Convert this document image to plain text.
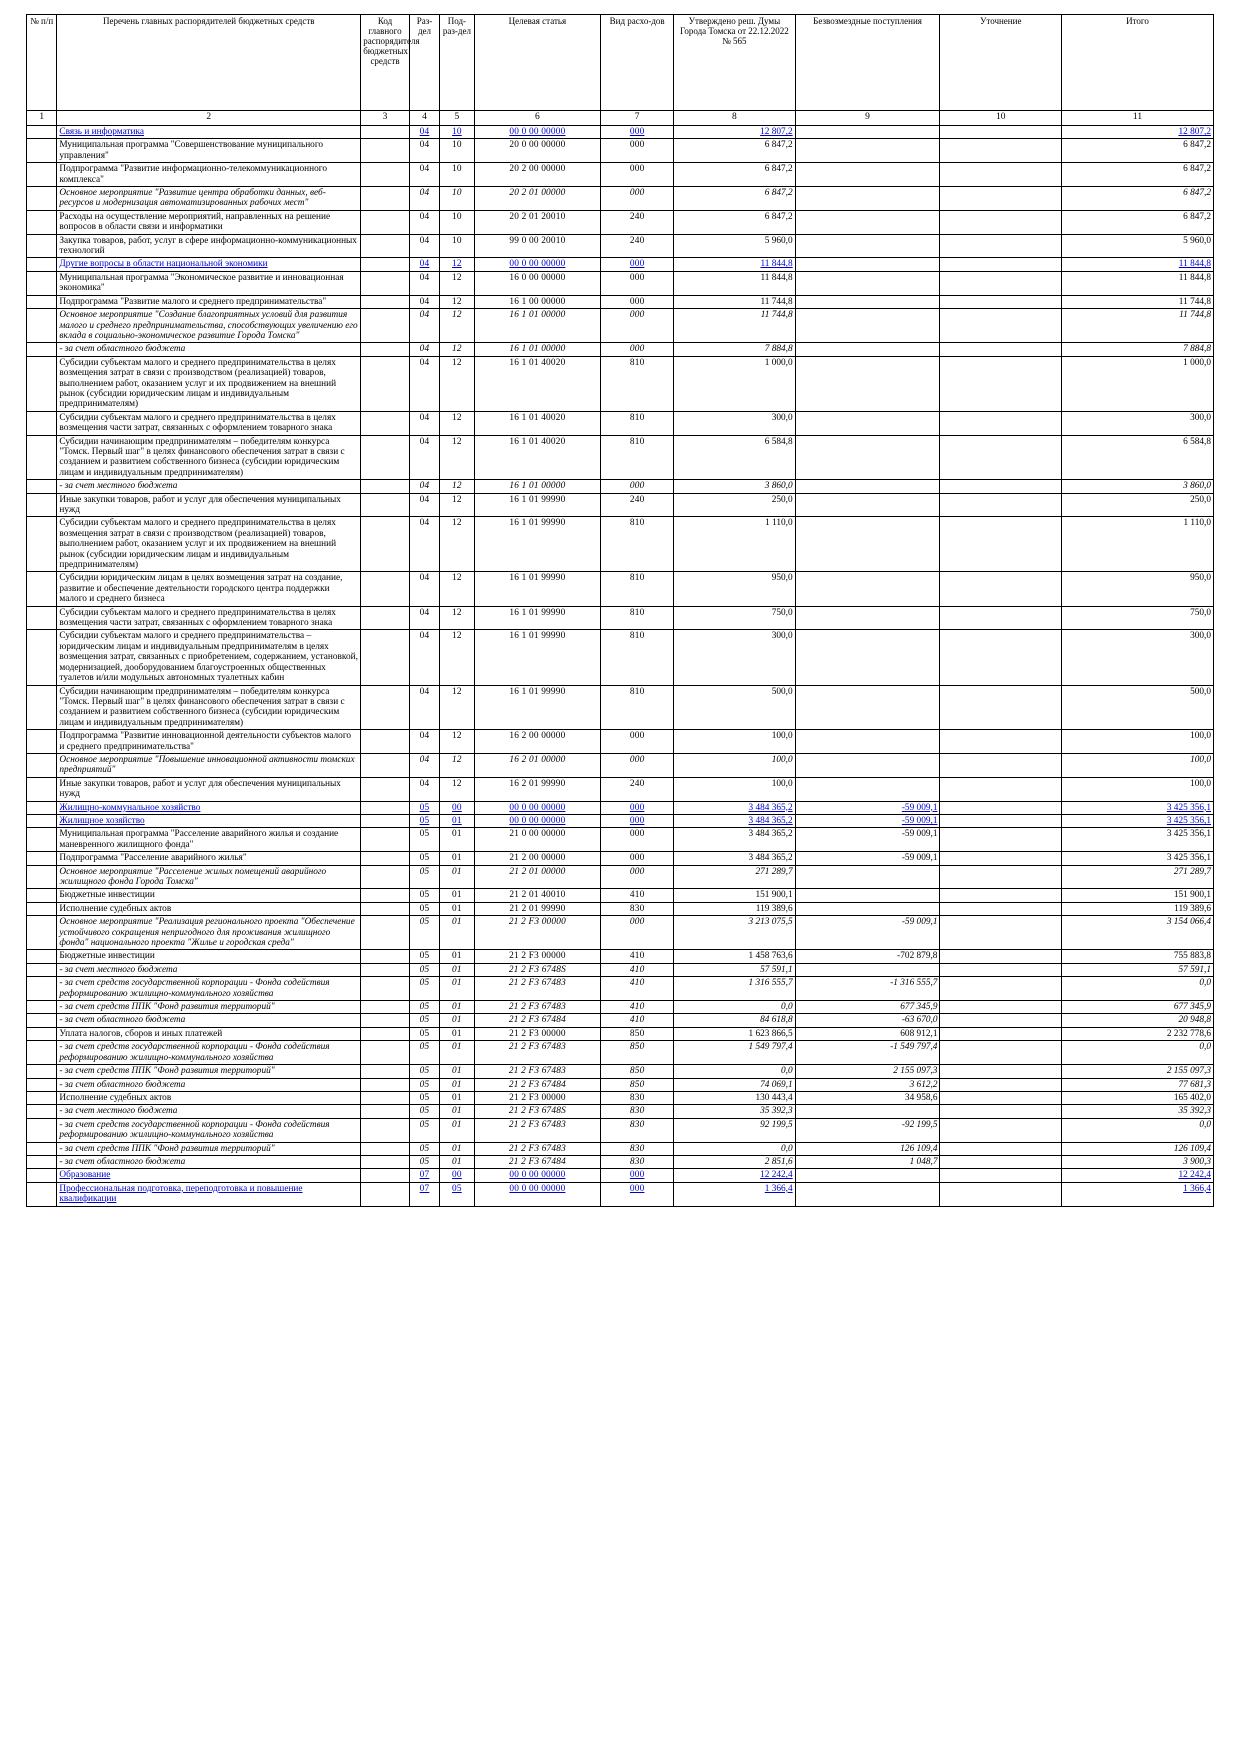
№ п/п	Перечень главных распорядителей бюджетных средств	Код главного распорядителя бюджетных средств	Раз-дел	Под-раз-дел	Целевая статья	Вид расхо-дов	Утверждено реш. Думы Города Томска от 22.12.2022 № 565	Безвозмездные поступления	Уточнение	Итого
1	2	3	4	5	6	7	8	9	10	11
	Связь и информатика		04	10	00 0 00 00000	000	12 807,2			12 807,2
	Муниципальная программа "Совершенствование муниципального управления"		04	10	20 0 00 00000	000	6 847,2			6 847,2
	Подпрограмма "Развитие информационно-телекоммуникационного комплекса"		04	10	20 2 00 00000	000	6 847,2			6 847,2
	Основное мероприятие "Развитие центра обработки данных, веб-ресурсов и модернизация автоматизированных рабочих мест"		04	10	20 2 01 00000	000	6 847,2			6 847,2
	Расходы на осуществление мероприятий, направленных на решение вопросов в области связи и информатики		04	10	20 2 01 20010	240	6 847,2			6 847,2
	Закупка товаров, работ, услуг в сфере информационно-коммуникационных технологий		04	10	99 0 00 20010	240	5 960,0			5 960,0
	Другие вопросы в области национальной экономики		04	12	00 0 00 00000	000	11 844,8			11 844,8
	Муниципальная программа "Экономическое развитие и инновационная экономика"		04	12	16 0 00 00000	000	11 844,8			11 844,8
	Подпрограмма "Развитие малого и среднего предпринимательства"		04	12	16 1 00 00000	000	11 744,8			11 744,8
	Основное мероприятие "Создание благоприятных условий для развития малого и среднего предпринимательства, способствующих увеличению его вклада в социально-экономическое развитие Города Томска"		04	12	16 1 01 00000	000	11 744,8			11 744,8
	- за счет областного бюджета		04	12	16 1 01 00000	000	7 884,8			7 884,8
	Субсидии субъектам малого и среднего предпринимательства в целях возмещения затрат в связи с производством (реализацией) товаров, выполнением работ, оказанием услуг и их продвижением на внешний рынок (субсидии юридическим лицам и индивидуальным предпринимателям)		04	12	16 1 01 40020	810	1 000,0			1 000,0
	Субсидии субъектам малого и среднего предпринимательства в целях возмещения части затрат, связанных с оформлением товарного знака		04	12	16 1 01 40020	810	300,0			300,0
	Субсидии начинающим предпринимателям – победителям конкурса "Томск. Первый шаг" в целях финансового обеспечения затрат в связи с созданием и развитием собственного бизнеса (субсидии юридическим лицам и индивидуальным предпринимателям)		04	12	16 1 01 40020	810	6 584,8			6 584,8
	- за счет местного бюджета		04	12	16 1 01 00000	000	3 860,0			3 860,0
	Иные закупки товаров, работ и услуг для обеспечения муниципальных нужд		04	12	16 1 01 99990	240	250,0			250,0
	Субсидии субъектам малого и среднего предпринимательства в целях возмещения затрат в связи с производством (реализацией) товаров, выполнением работ, оказанием услуг и их продвижением на внешний рынок (субсидии юридическим лицам и индивидуальным предпринимателям)		04	12	16 1 01 99990	810	1 110,0			1 110,0
	Субсидии юридическим лицам в целях возмещения затрат на создание, развитие и обеспечение деятельности городского центра поддержки малого и среднего бизнеса		04	12	16 1 01 99990	810	950,0			950,0
	Субсидии субъектам малого и среднего предпринимательства в целях возмещения части затрат, связанных с оформлением товарного знака		04	12	16 1 01 99990	810	750,0			750,0
	Субсидии субъектам малого и среднего предпринимательства – юридическим лицам и индивидуальным предпринимателям в целях возмещения затрат, связанных с приобретением, содержанием, установкой, модернизацией, дооборудованием благоустроенных общественных туалетов и/или модульных автономных туалетных кабин		04	12	16 1 01 99990	810	300,0			300,0
	Субсидии начинающим предпринимателям – победителям конкурса "Томск. Первый шаг" в целях финансового обеспечения затрат в связи с созданием и развитием собственного бизнеса (субсидии юридическим лицам и индивидуальным предпринимателям)		04	12	16 1 01 99990	810	500,0			500,0
	Подпрограмма "Развитие инновационной деятельности субъектов малого и среднего предпринимательства"		04	12	16 2 00 00000	000	100,0			100,0
	Основное мероприятие "Повышение инновационной активности томских предприятий"		04	12	16 2 01 00000	000	100,0			100,0
	Иные закупки товаров, работ и услуг для обеспечения муниципальных нужд		04	12	16 2 01 99990	240	100,0			100,0
	Жилищно-коммунальное хозяйство		05	00	00 0 00 00000	000	3 484 365,2	-59 009,1		3 425 356,1
	Жилищное хозяйство		05	01	00 0 00 00000	000	3 484 365,2	-59 009,1		3 425 356,1
	Муниципальная программа "Расселение аварийного жилья и создание маневренного жилищного фонда"		05	01	21 0 00 00000	000	3 484 365,2	-59 009,1		3 425 356,1
	Подпрограмма "Расселение аварийного жилья"		05	01	21 2 00 00000	000	3 484 365,2	-59 009,1		3 425 356,1
	Основное мероприятие "Расселение жилых помещений аварийного жилищного фонда Города Томска"		05	01	21 2 01 00000	000	271 289,7			271 289,7
	Бюджетные инвестиции		05	01	21 2 01 40010	410	151 900,1			151 900,1
	Исполнение судебных актов		05	01	21 2 01 99990	830	119 389,6			119 389,6
	Основное мероприятие "Реализация регионального проекта "Обеспечение устойчивого сокращения непригодного для проживания жилищного фонда" национального проекта "Жилье и городская среда"		05	01	21 2 F3 00000	000	3 213 075,5	-59 009,1		3 154 066,4
	Бюджетные инвестиции		05	01	21 2 F3 00000	410	1 458 763,6	-702 879,8		755 883,8
	- за счет местного бюджета		05	01	21 2 F3 6748S	410	57 591,1			57 591,1
	- за счет средств государственной корпорации - Фонда содействия реформированию жилищно-коммунального хозяйства		05	01	21 2 F3 67483	410	1 316 555,7	-1 316 555,7		0,0
	- за счет средств ППК "Фонд развития территорий"		05	01	21 2 F3 67483	410	0,0	677 345,9		677 345,9
	- за счет областного бюджета		05	01	21 2 F3 67484	410	84 618,8	-63 670,0		20 948,8
	Уплата налогов, сборов и иных платежей		05	01	21 2 F3 00000	850	1 623 866,5	608 912,1		2 232 778,6
	- за счет средств государственной корпорации - Фонда содействия реформированию жилищно-коммунального хозяйства		05	01	21 2 F3 67483	850	1 549 797,4	-1 549 797,4		0,0
	- за счет средств ППК "Фонд развития территорий"		05	01	21 2 F3 67483	850	0,0	2 155 097,3		2 155 097,3
	- за счет областного бюджета		05	01	21 2 F3 67484	850	74 069,1	3 612,2		77 681,3
	Исполнение судебных актов		05	01	21 2 F3 00000	830	130 443,4	34 958,6		165 402,0
	- за счет местного бюджета		05	01	21 2 F3 6748S	830	35 392,3			35 392,3
	- за счет средств государственной корпорации - Фонда содействия реформированию жилищно-коммунального хозяйства		05	01	21 2 F3 67483	830	92 199,5	-92 199,5		0,0
	- за счет средств ППК "Фонд развития территорий"		05	01	21 2 F3 67483	830	0,0	126 109,4		126 109,4
	- за счет областного бюджета		05	01	21 2 F3 67484	830	2 851,6	1 048,7		3 900,3
	Образование		07	00	00 0 00 00000	000	12 242,4			12 242,4
	Профессиональная подготовка, переподготовка и повышение квалификации		07	05	00 0 00 00000	000	1 366,4			1 366,4
